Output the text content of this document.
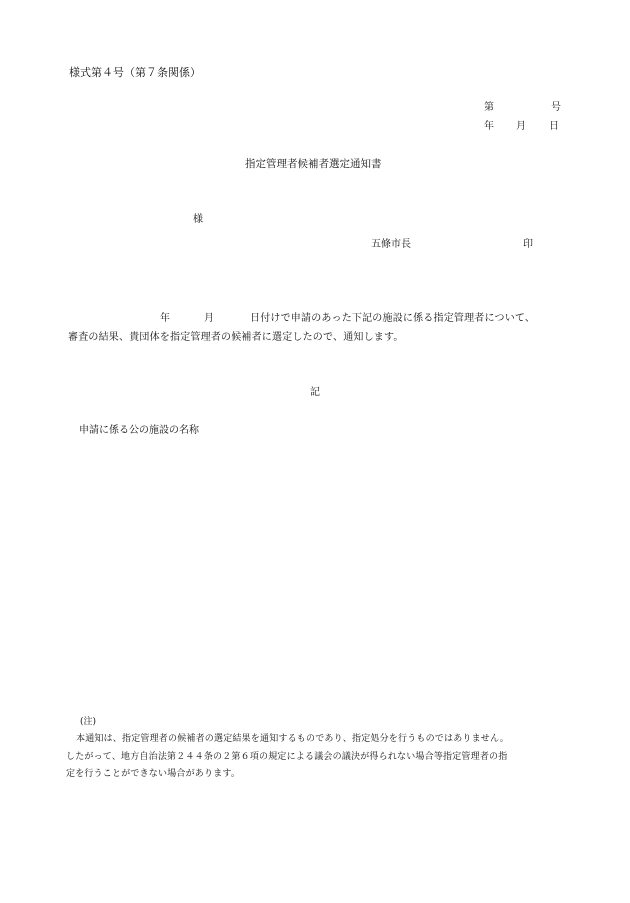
様式第４号（第７条関係）
第	号
年 月 日
指定管理者候補者選定通知書
様
五條市長	印
年	月	日付けで申請のあった下記の施設に係る指定管理者について、
審査の結果、貴団体を指定管理者の候補者に選定したので、通知します。
記
申請に係る公の施設の名称
(注)
本通知は、指定管理者の候補者の選定結果を通知するものであり、指定処分を行うものではありません。
したがって、地方自治法第２４４条の２第６項の規定による議会の議決が得られない場合等指定管理者の指
定を行うことができない場合があります。
